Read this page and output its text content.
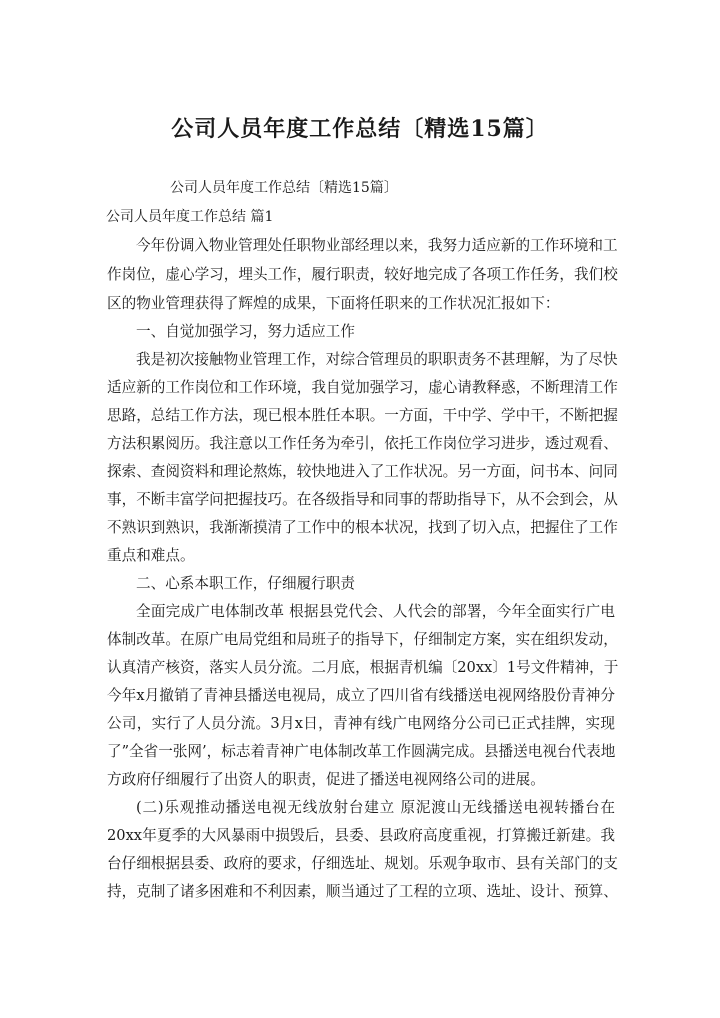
公司人员年度工作总结〔精选15篇〕

公司人员年度工作总结〔精选15篇〕

公司人员年度工作总结 篇1

今年份调入物业管理处任职物业部经理以来，我努力适应新的工作环境和工

作岗位，虚心学习，埋头工作，履行职责，较好地完成了各项工作任务，我们校

区的物业管理获得了辉煌的成果，下面将任职来的工作状况汇报如下：

一、自觉加强学习，努力适应工作

我是初次接触物业管理工作，对综合管理员的职职责务不甚理解，为了尽快

适应新的工作岗位和工作环境，我自觉加强学习，虚心请教释惑，不断理清工作

思路，总结工作方法，现已根本胜任本职。一方面，干中学、学中干，不断把握

方法积累阅历。我注意以工作任务为牵引，依托工作岗位学习进步，透过观看、

探索、查阅资料和理论熬炼，较快地进入了工作状况。另一方面，问书本、问同

事，不断丰富学问把握技巧。在各级指导和同事的帮助指导下，从不会到会，从

不熟识到熟识，我渐渐摸清了工作中的根本状况，找到了切入点，把握住了工作

重点和难点。

二、心系本职工作，仔细履行职责

全面完成广电体制改革 根据县党代会、人代会的部署，今年全面实行广电

体制改革。在原广电局党组和局班子的指导下，仔细制定方案，实在组织发动，

认真清产核资，落实人员分流。二月底，根据青机编〔20xx〕1号文件精神，于

今年x月撤销了青神县播送电视局，成立了四川省有线播送电视网络股份青神分

公司，实行了人员分流。3月x日，青神有线广电网络分公司已正式挂牌，实现

了”全省一张网’，标志着青神广电体制改革工作圆满完成。县播送电视台代表地

方政府仔细履行了出资人的职责，促进了播送电视网络公司的进展。

(二)乐观推动播送电视无线放射台建立 原泥渡山无线播送电视转播台在

20xx年夏季的大风暴雨中损毁后，县委、县政府高度重视，打算搬迁新建。我

台仔细根据县委、政府的要求，仔细选址、规划。乐观争取市、县有关部门的支

持，克制了诸多困难和不利因素，顺当通过了工程的立项、选址、设计、预算、
